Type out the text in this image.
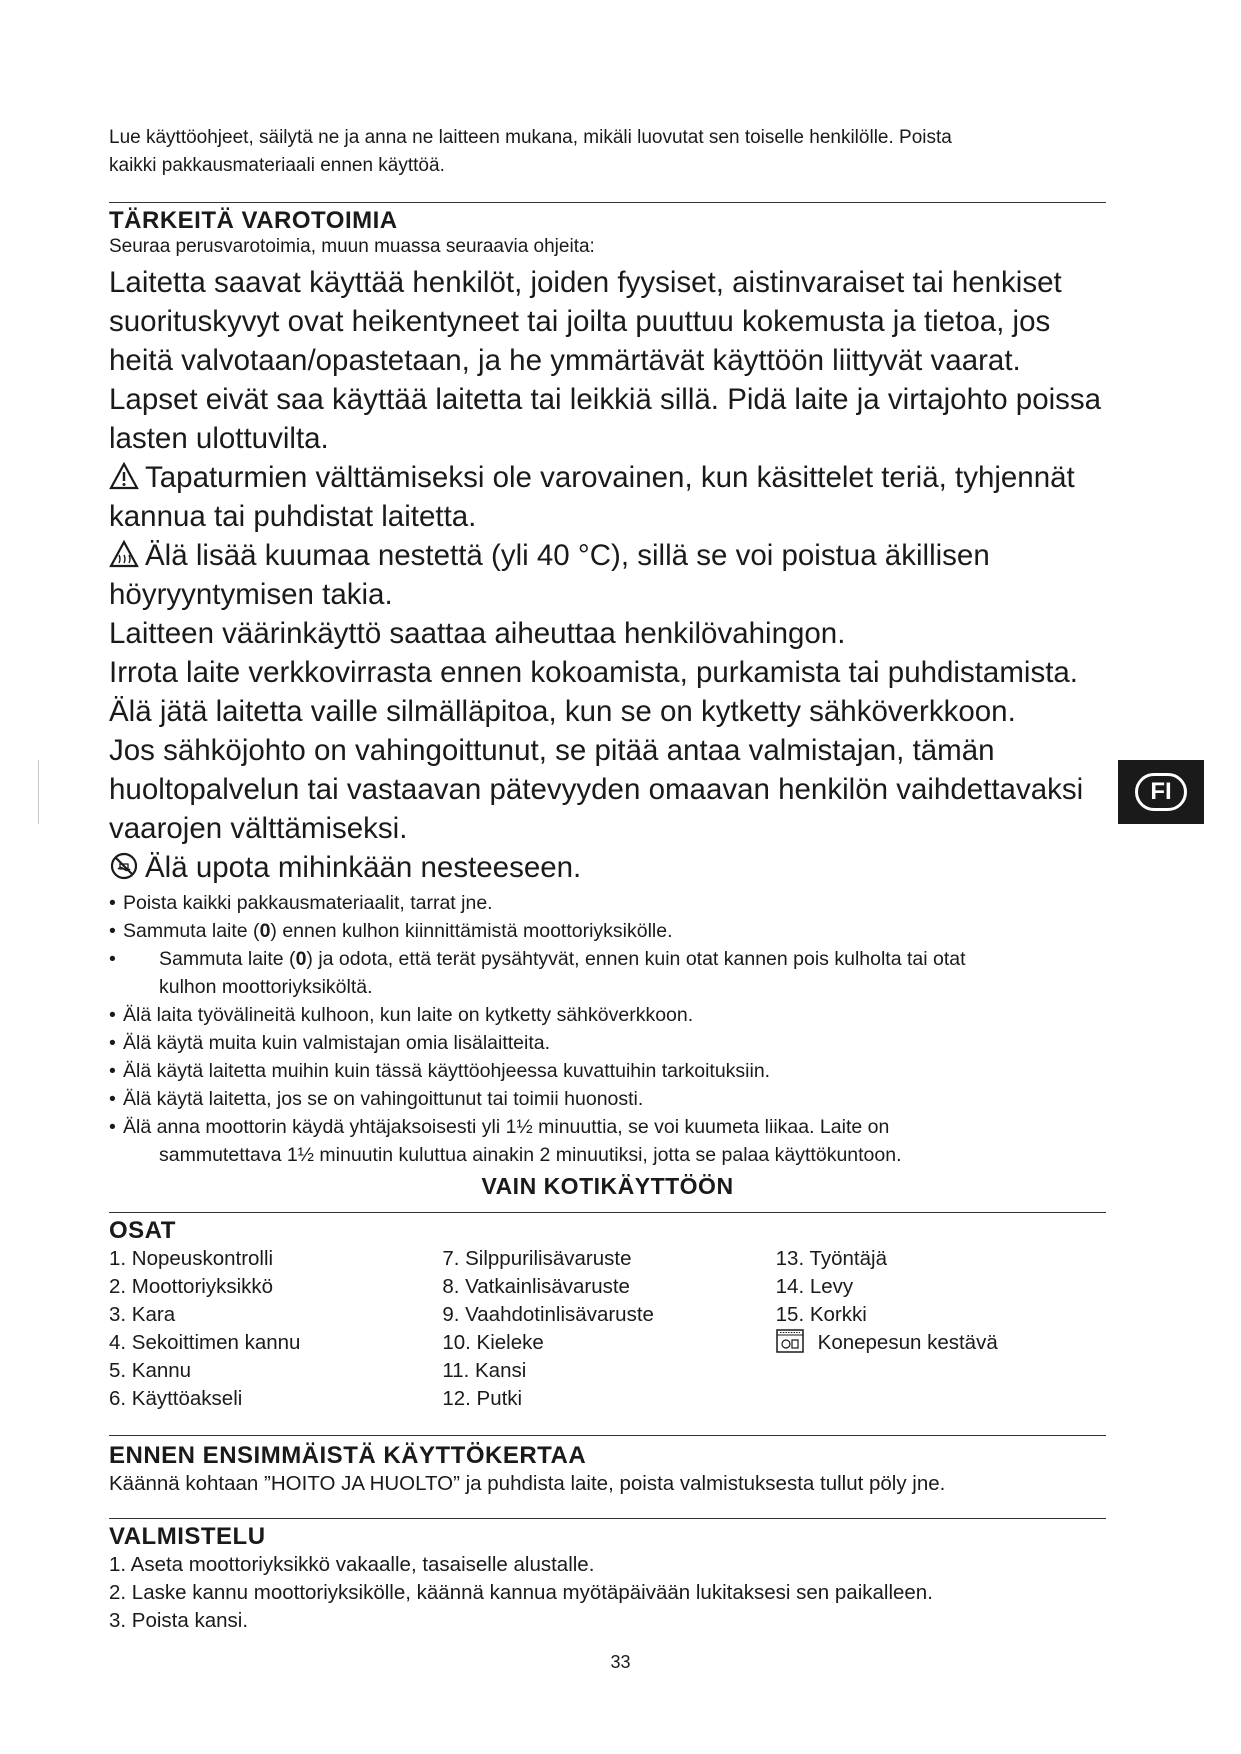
Lue käyttöohjeet, säilytä ne ja anna ne laitteen mukana, mikäli luovutat sen toiselle henkilölle. Poista

kaikki pakkausmateriaali ennen käyttöä.

TÄRKEITÄ VAROTOIMIA

Seuraa perusvarotoimia, muun muassa seuraavia ohjeita:

Laitetta saavat käyttää henkilöt, joiden fyysiset, aistinvaraiset tai henkiset suorituskyvyt ovat heikentyneet tai joilta puuttuu kokemusta ja tietoa, jos heitä valvotaan/opastetaan, ja he ymmärtävät käyttöön liittyvät vaarat. Lapset eivät saa käyttää laitetta tai leikkiä sillä. Pidä laite ja virtajohto poissa lasten ulottuvilta.

Tapaturmien välttämiseksi ole varovainen, kun käsittelet teriä, tyhjennät kannua tai puhdistat laitetta.

Älä lisää kuumaa nestettä (yli 40 °C), sillä se voi poistua äkillisen höyryyntymisen takia.

Laitteen väärinkäyttö saattaa aiheuttaa henkilövahingon.

Irrota laite verkkovirrasta ennen kokoamista, purkamista tai puhdistamista.

Älä jätä laitetta vaille silmälläpitoa, kun se on kytketty sähköverkkoon.

Jos sähköjohto on vahingoittunut, se pitää antaa valmistajan, tämän huoltopalvelun tai vastaavan pätevyyden omaavan henkilön vaihdettavaksi vaarojen välttämiseksi.

Älä upota mihinkään nesteeseen.

• Poista kaikki pakkausmateriaalit, tarrat jne.
• Sammuta laite (0) ennen kulhon kiinnittämistä moottoriyksikölle.
• Sammuta laite (0) ja odota, että terät pysähtyvät, ennen kuin otat kannen pois kulholta tai otat
kulhon moottoriyksiköltä.
• Älä laita työvälineitä kulhoon, kun laite on kytketty sähköverkkoon.
• Älä käytä muita kuin valmistajan omia lisälaitteita.
• Älä käytä laitetta muihin kuin tässä käyttöohjeessa kuvattuihin tarkoituksiin.
• Älä käytä laitetta, jos se on vahingoittunut tai toimii huonosti.
• Älä anna moottorin käydä yhtäjaksoisesti yli 1½ minuuttia, se voi kuumeta liikaa. Laite on
sammutettava 1½ minuutin kuluttua ainakin 2 minuutiksi, jotta se palaa käyttökuntoon.
VAIN KOTIKÄYTTÖÖN
OSAT
1. Nopeuskontrolli
2. Moottoriyksikkö
3. Kara
4. Sekoittimen kannu
5. Kannu
6. Käyttöakseli
7. Silppurilisävaruste
8. Vatkainlisävaruste
9. Vaahdotinlisävaruste
10. Kieleke
11. Kansi
12. Putki
13. Työntäjä
14. Levy
15. Korkki
Konepesun kestävä
ENNEN ENSIMMÄISTÄ KÄYTTÖKERTAA

Käännä kohtaan ”HOITO JA HUOLTO” ja puhdista laite, poista valmistuksesta tullut pöly jne.

VALMISTELU

1. Aseta moottoriyksikkö vakaalle, tasaiselle alustalle.

2. Laske kannu moottoriyksikölle, käännä kannua myötäpäivään lukitaksesi sen paikalleen.

3. Poista kansi.

FI
33
